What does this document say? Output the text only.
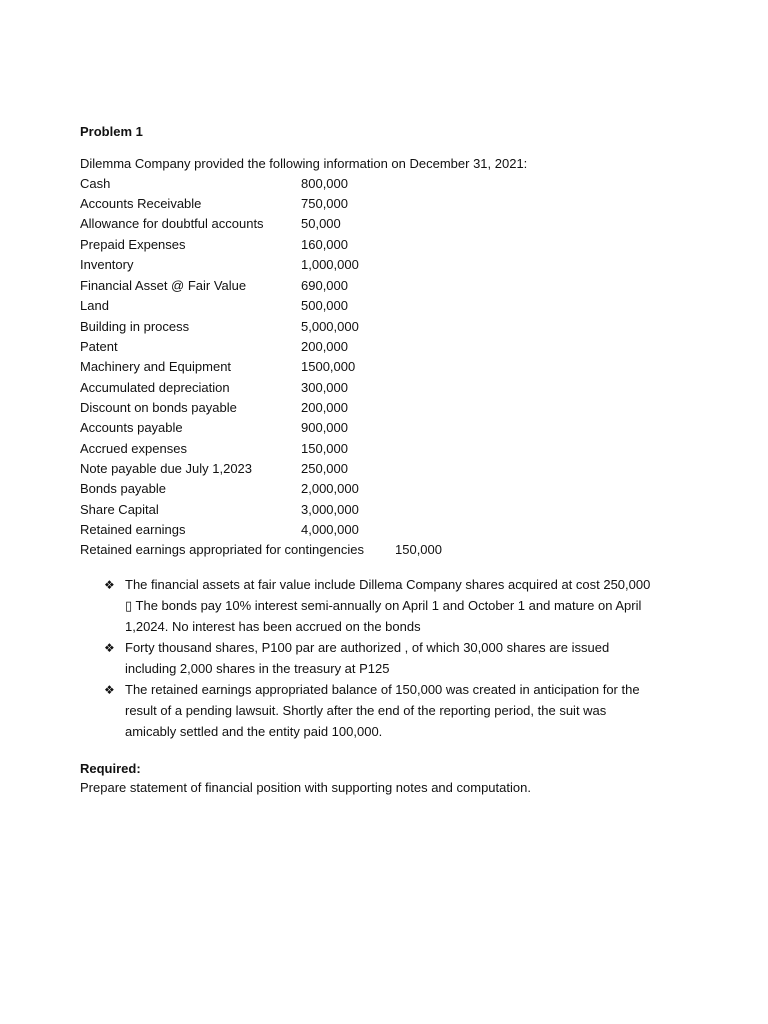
Problem 1
Dilemma Company provided the following information on December 31, 2021:
Cash	800,000
Accounts Receivable	750,000
Allowance for doubtful accounts	50,000
Prepaid Expenses	160,000
Inventory	1,000,000
Financial Asset @ Fair Value	690,000
Land	500,000
Building in process	5,000,000
Patent	200,000
Machinery and Equipment	1500,000
Accumulated depreciation	300,000
Discount on bonds payable	200,000
Accounts payable	900,000
Accrued expenses	150,000
Note payable due July 1,2023	250,000
Bonds payable	2,000,000
Share Capital	3,000,000
Retained earnings	4,000,000
Retained earnings appropriated for contingencies 150,000
❖ The financial assets at fair value include Dillema Company shares acquired at cost 250,000
▯ The bonds pay 10% interest semi-annually on April 1 and October 1 and mature on April
1,2024. No interest has been accrued on the bonds
❖ Forty thousand shares, P100 par are authorized , of which 30,000 shares are issued
including 2,000 shares in the treasury at P125
❖ The retained earnings appropriated balance of 150,000 was created in anticipation for the
result of a pending lawsuit. Shortly after the end of the reporting period, the suit was
amicably settled and the entity paid 100,000.
Required:
Prepare statement of financial position with supporting notes and computation.
